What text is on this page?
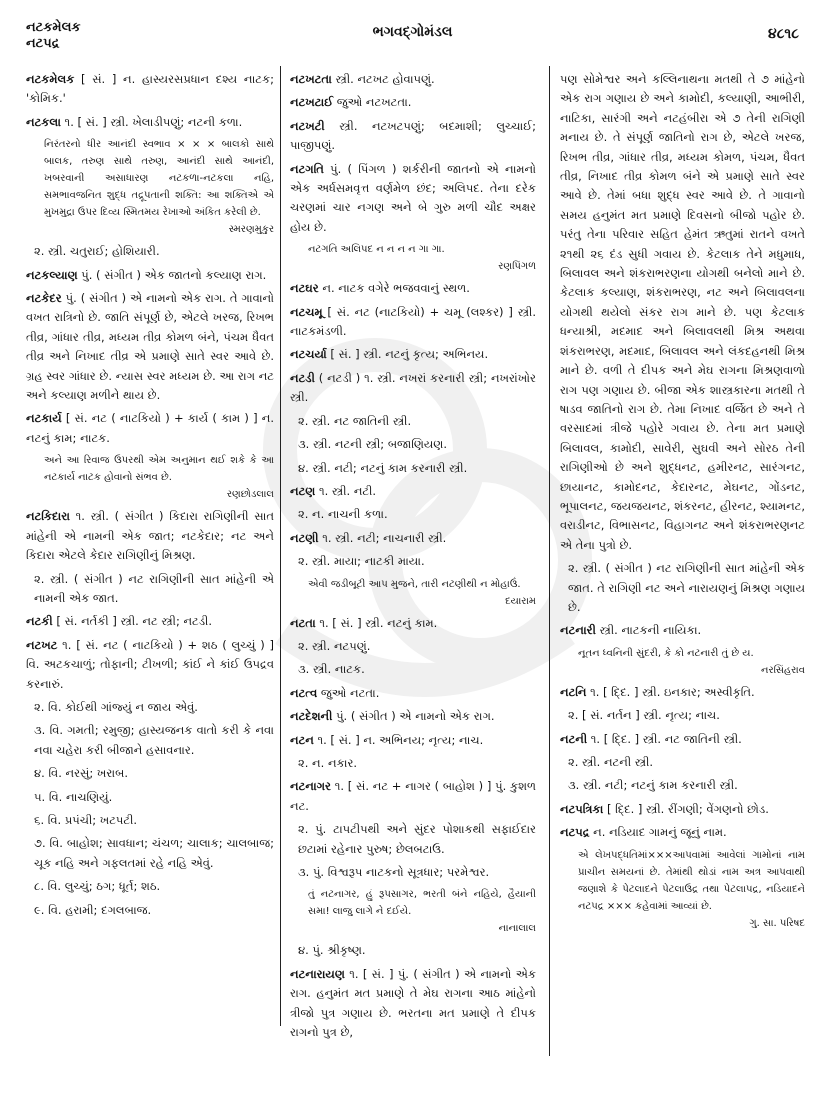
નટકમેલક
નટપદ્ર
ભગવદ્ગોમંડલ	૪૮૧૮
નટકમેલક [ સં. ] ન. હાસ્યરસપ્રધાન દશ્ય નાટક; 'કોમિક.'
નટકલા ૧. [ સં. ] સ્ત્રી. ખેલાડીપણું; નટની કળા.
નિરંતરનો ધીર આનંદી સ્વભાવ × × × બાલકો સાથે બાલક, તરુણ સાથે તરુણ, આનંદી સાથે આનંદી, ખબરવાની અસાધારણ નટકળા-નટકલા નહિ, સમભાવજનિત શુદ્ધ તદ્રૂપતાની શક્તિ: આ શક્તિએ એ મુખમુદ્રા ઉપર દિવ્ય સ્મિતમય રેખાઓ અંકિત કરેલી છે.
સ્મરણમુકુર
૨. સ્ત્રી. ચતુરાઈ; હોશિયારી.
નટકલ્યાણ પું. ( સંગીત ) એક જાતનો કલ્યાણ રાગ.
નટકેદર પું. ( સંગીત ) એ નામનો એક રાગ. તે ગાવાનો વખત રાત્રિનો છે. જાતિ સંપૂર્ણ છે, એટલે ખરજ, રિખભ તીવ્ર, ગાંધાર તીવ્ર, મધ્યમ તીવ્ર કોમળ બંને, પંચમ ધૈવત તીવ્ર અને નિખાદ તીવ્ર એ પ્રમાણે સાતે સ્વર આવે છે. ગ્રહ સ્વર ગાંધાર છે. ન્યાસ સ્વર મધ્યમ છે. આ રાગ નટ અને કલ્યાણ મળીને થાય છે.
નટકાર્ય [ સં. નટ ( નાટકિયો ) + કાર્ય ( કામ ) ] ન. નટનું કામ; નાટક.
અને આ રિવાજ ઉપરથી એમ અનુમાન થઈ શકે કે આ નટકાર્ય નાટક હોવાનો સંભવ છે.
રણછોડલાલ
નટકિદારા ૧. સ્ત્રી. ( સંગીત ) કિદારા રાગિણીની સાત માંહેની એ નામની એક જાત; નટકેદાર; નટ અને કિદારા એટલે કેદાર રાગિણીનું મિશ્રણ.
૨. સ્ત્રી. ( સંગીત ) નટ રાગિણીની સાત માંહેની એ નામની એક જાત.
નટકી [ સં. નર્તકી ] સ્ત્રી. નટ સ્ત્રી; નટડી.
નટખટ ૧. [ સં. નટ ( નાટકિયો ) + શઠ ( લુચ્ચું ) ] વિ. અટકચાળું; તોફાની; ટીખળી; કાંઈ ને કાંઈ ઉપદ્રવ કરનારું.
૨. વિ. કોઈથી ગાંજ્યું ન જાય એવું.
૩. વિ. ગમતી; રમુજી; હાસ્યજનક વાતો કરી કે નવા નવા ચહેરા કરી બીજાને હસાવનાર.
૪. વિ. નરસું; ખરાબ.
૫. વિ. નાચણિયું.
૬. વિ. પ્રપંચી; ખટપટી.
૭. વિ. બાહોશ; સાવધાન; ચંચળ; ચાલાક; ચાલબાજ; ચૂક નહિ અને ગફલતમાં રહે નહિ એવું.
૮. વિ. લુચ્ચું; ઠગ; ધૂર્ત; શઠ.
૯. વિ. હરામી; દગલબાજ.
નટખટતા સ્ત્રી. નટખટ હોવાપણું.
નટખટાઈ જુઓ નટખટતા.
નટખટી સ્ત્રી. નટખટપણું; બદમાશી; લુચ્ચાઈ; પાજીપણું.
નટગતિ પું. ( પિંગળ ) શર્કરીની જાતનો એ નામનો એક અર્ધસમવૃત્ત વર્ણમેળ છંદ; અલિપદ. તેના દરેક ચરણમાં ચાર નગણ અને બે ગુરુ મળી ચૌદ અક્ષર હોય છે.
નટગતિ અલિપદ ન ન ન ન ગા ગા.
રણપિંગળ
નટઘર ન. નાટક વગેરે ભજવવાનું સ્થળ.
નટચમૂ [ સં. નટ (નાટકિયો) + ચમૂ (લશ્કર) ] સ્ત્રી. નાટકમંડળી.
નટચર્યા [ સં. ] સ્ત્રી. નટનું કૃત્ય; અભિનય.
નટડી ( નટડી ) ૧. સ્ત્રી. નખરાં કરનારી સ્ત્રી; નખરાંખોર સ્ત્રી.
૨. સ્ત્રી. નટ જાતિની સ્ત્રી.
૩. સ્ત્રી. નટની સ્ત્રી; બજાણિયણ.
૪. સ્ત્રી. નટી; નટનું કામ કરનારી સ્ત્રી.
નટણ ૧. સ્ત્રી. નટી.
૨. ન. નાચની કળા.
નટણી ૧. સ્ત્રી. નટી; નાચનારી સ્ત્રી.
૨. સ્ત્રી. માયા; નાટકી માયા.
એવી જડીબૂટી આપ મુજને, તારી નટણીથી ન મોહાઉં.
દયારામ
નટતા ૧. [ સં. ] સ્ત્રી. નટનું કામ.
૨. સ્ત્રી. નટપણું.
૩. સ્ત્રી. નાટક.
નટત્વ જુઓ નટતા.
નટદેશની પું. ( સંગીત ) એ નામનો એક રાગ.
નટન ૧. [ સં. ] ન. અભિનય; નૃત્ય; નાચ.
૨. ન. નકાર.
નટનાગર ૧. [ સં. નટ + નાગર ( બાહોશ ) ] પું. કુશળ નટ.
૨. પું. ટાપટીપથી અને સુંદર પોશાકથી સફાઈદાર છટામાં રહેનાર પુરુષ; છેલબટાઉ.
૩. પું. વિશ્વરૂપ નાટકનો સૂત્રધાર; પરમેશ્વર.
તું નટનાગર, હું રૂપસાગર, ભરતી બંને નહિયે, હૈયાની સમા! લાજુ લાગે ને દઈયે.
નાનાલાલ
૪. પું. શ્રીકૃષ્ણ.
નટનારાયણ ૧. [ સં. ] પું. ( સંગીત ) એ નામનો એક રાગ. હનુમંત મત પ્રમાણે તે મેઘ રાગના આઠ માંહેનો ત્રીજો પુત્ર ગણાય છે. ભરતના મત પ્રમાણે તે દીપક રાગનો પુત્ર છે,
પણ સોમેશ્વર અને કલ્લિનાથના મતથી તે ૭ માંહેનો એક રાગ ગણાય છે અને કામોદી, કલ્યાણી, આભીરી, નાટિકા, સારંગી અને નટહંબીરા એ ૭ તેની રાગિણી મનાય છે. તે સંપૂર્ણ જાતિનો રાગ છે, એટલે ખરજ, રિખભ તીવ્ર, ગાંધાર તીવ્ર, મધ્યમ કોમળ, પંચમ, ધૈવત તીવ્ર, નિખાદ તીવ્ર કોમળ બંને એ પ્રમાણે સાતે સ્વર આવે છે. તેમાં બધા શુદ્ધ સ્વર આવે છે. તે ગાવાનો સમય હનુમંત મત પ્રમાણે દિવસનો બીજો પહોર છે. પરંતુ તેના પરિવાર સહિત હેમંત ઋતુમાં રાતને વખતે ૨૧થી ૨૬ દંડ સુધી ગવાય છે. કેટલાક તેને મધુમાધ, બિલાવલ અને શંકરાભરણના યોગથી બનેલો માને છે. કેટલાક કલ્યાણ, શંકરાભરણ, નટ અને બિલાવલના યોગથી થયેલો સંકર રાગ માને છે. પણ કેટલાક ધન્યાશ્રી, મદમાદ અને બિલાવલથી મિશ્ર અથવા શંકરાભરણ, મદમાદ, બિલાવલ અને લંકદહનથી મિશ્ર માને છે. વળી તે દીપક અને મેઘ રાગના મિશ્રણવાળો રાગ પણ ગણાય છે. બીજા એક શાસ્ત્રકારના મતથી તે ષાડવ જાતિનો રાગ છે. તેમા નિખાદ વર્જિત છે અને તે વરસાદમાં ત્રીજે પહોરે ગવાય છે. તેના મત પ્રમાણે બિલાવલ, કામોદી, સાવેરી, સુઘવી અને સોરઠ તેની રાગિણીઓ છે અને શુદ્ધનટ, હમીરનટ, સારંગનટ, છાયાનટ, કામોદનટ, કેદારનટ, મેઘનટ, ગોંડનટ, ભૂપાલનટ, જયજયનટ, શંકરનટ, હીરનટ, શ્યામનટ, વરાડીનટ, વિભાસનટ, વિહાગનટ અને શંકરાભરણનટ એ તેના પુત્રો છે.
૨. સ્ત્રી. ( સંગીત ) નટ રાગિણીની સાત માંહેની એક જાત. તે રાગિણી નટ અને નારાયણનું મિશ્રણ ગણાય છે.
નટનારી સ્ત્રી. નાટકની નાયિકા.
નૂતન ધ્વનિની સુંદરી, કે કો નટનારી તું છે ય.
નરસિંહરાવ
નટનિ ૧. [ દ્દિ. ] સ્ત્રી. ઇનકાર; અસ્વીકૃતિ.
૨. [ સં. નર્તન ] સ્ત્રી. નૃત્ય; નાચ.
નટની ૧. [ દ્દિ. ] સ્ત્રી. નટ જાતિની સ્ત્રી.
૨. સ્ત્રી. નટની સ્ત્રી.
૩. સ્ત્રી. નટી; નટનું કામ કરનારી સ્ત્રી.
નટપત્રિકા [ દ્દિ. ] સ્ત્રી. રીંગણી; વેંગણનો છોડ.
નટપદ્ર ન. નડિયાદ ગામનું જૂનું નામ.
એ લેખપદ્ધતિમાં×××આપવામાં આવેલાં ગામોનાં નામ પ્રાચીન સમયનાં છે. તેમાંથી થોડાં નામ અત્ર આપવાથી જણાશે કે પેટલાદને પેટલાઉદ્ર તથા પેટલાપદ્ર, નડિયાદને નટપદ્ર ××× કહેવામાં આવ્યાં છે.
ગુ. સા. પરિષદ
